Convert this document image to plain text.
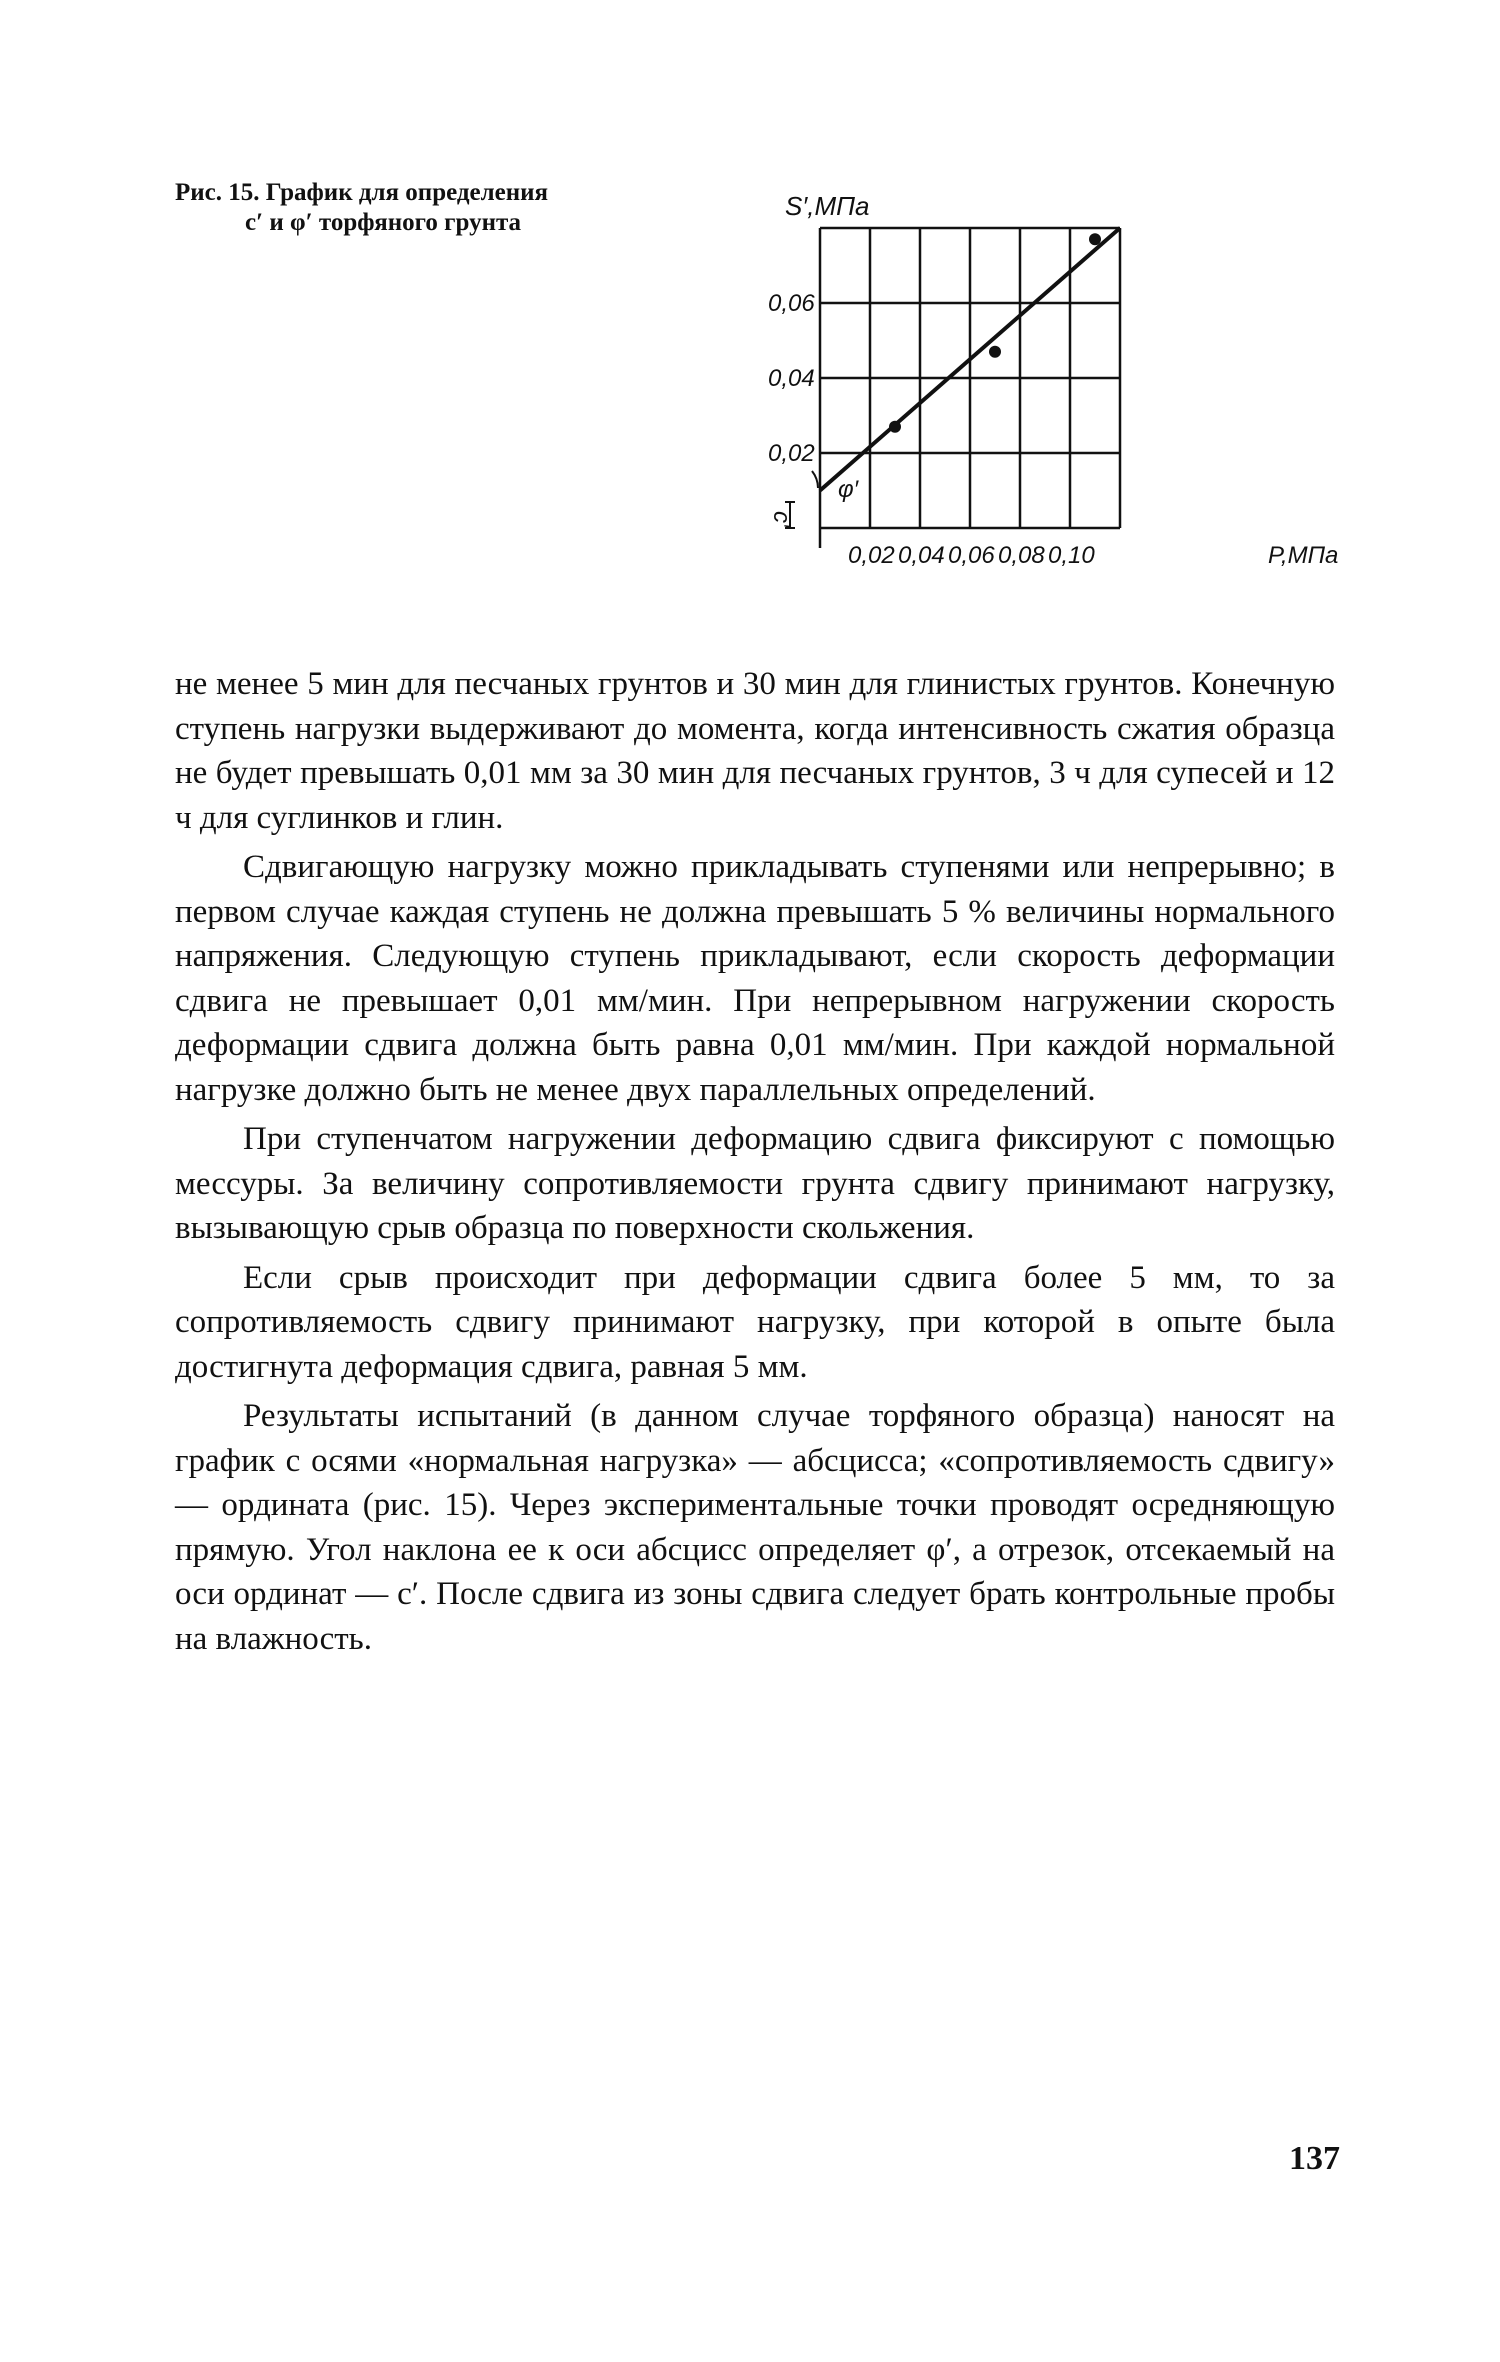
Рис. 15. График для определения
c′ и φ′ торфяного грунта
0,02 0,04 0,06 0,08 0,10
0,02
0,04
0,06
S′,МПа
P,МПа
φ′
c′

не менее 5 мин для песчаных грунтов и 30 мин для глинистых грунтов. Конечную ступень нагрузки выдерживают до момента, когда интенсивность сжатия образца не будет превышать 0,01 мм за 30 мин для песчаных грунтов, 3 ч для супесей и 12 ч для суглинков и глин.

Сдвигающую нагрузку можно прикладывать ступенями или непрерывно; в первом случае каждая ступень не должна превышать 5 % величины нормального напряжения. Следующую ступень прикладывают, если скорость деформации сдвига не превышает 0,01 мм/мин. При непрерывном нагружении скорость деформации сдвига должна быть равна 0,01 мм/мин. При каждой нормальной нагрузке должно быть не менее двух параллельных определений.

При ступенчатом нагружении деформацию сдвига фиксируют с помощью мессуры. За величину сопротивляемости грунта сдвигу принимают нагрузку, вызывающую срыв образца по поверхности скольжения.

Если срыв происходит при деформации сдвига более 5 мм, то за сопротивляемость сдвигу принимают нагрузку, при которой в опыте была достигнута деформация сдвига, равная 5 мм.

Результаты испытаний (в данном случае торфяного образца) наносят на график с осями «нормальная нагрузка» — абсцисса; «сопротивляемость сдвигу» — ордината (рис. 15). Через экспериментальные точки проводят осредняющую прямую. Угол наклона ее к оси абсцисс определяет φ′, а отрезок, отсекаемый на оси ординат — c′. После сдвига из зоны сдвига следует брать контрольные пробы на влажность.

137
